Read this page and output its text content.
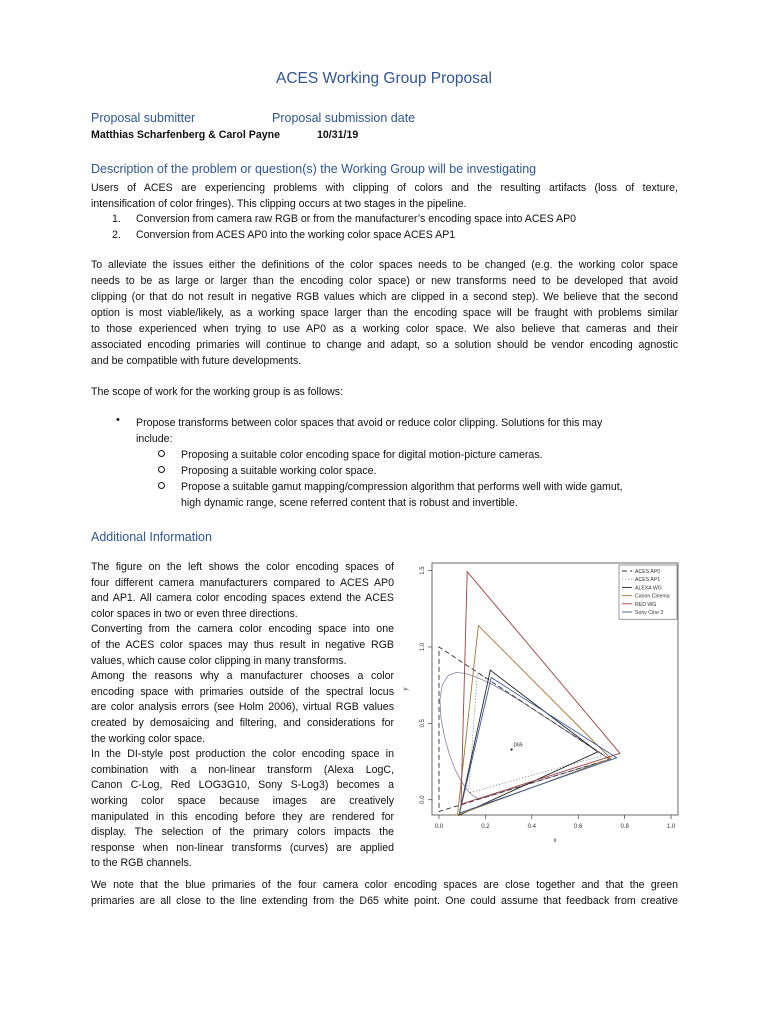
ACES Working Group Proposal
Proposal submitter	Proposal submission date
Matthias Scharfenberg & Carol Payne	10/31/19
Description of the problem or question(s) the Working Group will be investigating
Users of ACES are experiencing problems with clipping of colors and the resulting artifacts (loss of texture,
intensification of color fringes). This clipping occurs at two stages in the pipeline.
1.	Conversion from camera raw RGB or from the manufacturer’s encoding space into ACES AP0
2.	Conversion from ACES AP0 into the working color space ACES AP1
To alleviate the issues either the definitions of the color spaces needs to be changed (e.g. the working color space
needs to be as large or larger than the encoding color space) or new transforms need to be developed that avoid
clipping (or that do not result in negative RGB values which are clipped in a second step). We believe that the second
option is most viable/likely, as a working space larger than the encoding space will be fraught with problems similar
to those experienced when trying to use AP0 as a working color space. We also believe that cameras and their
associated encoding primaries will continue to change and adapt, so a solution should be vendor encoding agnostic
and be compatible with future developments.
The scope of work for the working group is as follows:
• Propose transforms between color spaces that avoid or reduce color clipping. Solutions for this may
include:
Proposing a suitable color encoding space for digital motion-picture cameras.
Proposing a suitable working color space.
Propose a suitable gamut mapping/compression algorithm that performs well with wide gamut,
high dynamic range, scene referred content that is robust and invertible.
Additional Information
The figure on the left shows the color encoding spaces of
four different camera manufacturers compared to ACES AP0
and AP1. All camera color encoding spaces extend the ACES
color spaces in two or even three directions.
Converting from the camera color encoding space into one
of the ACES color spaces may thus result in negative RGB
values, which cause color clipping in many transforms.
Among the reasons why a manufacturer chooses a color
encoding space with primaries outside of the spectral locus
are color analysis errors (see Holm 2006), virtual RGB values
created by demosaicing and filtering, and considerations for
the working color space.
In the DI-style post production the color encoding space in
combination with a non-linear transform (Alexa LogC,
Canon C-Log, Red LOG3G10, Sony S-Log3) becomes a
working color space because images are creatively
manipulated in this encoding before they are rendered for
display. The selection of the primary colors impacts the
response when non-linear transforms (curves) are applied
to the RGB channels.
0.0	0.2	0.4	0.6	0.8	1.0
0.0
0.5
1.0
1.5
x
y
D65
ACES AP0
ACES AP1
ALEXA WG
Canon Cinema
RED WG
Sony Cine 3
We note that the blue primaries of the four camera color encoding spaces are close together and that the green
primaries are all close to the line extending from the D65 white point. One could assume that feedback from creative
